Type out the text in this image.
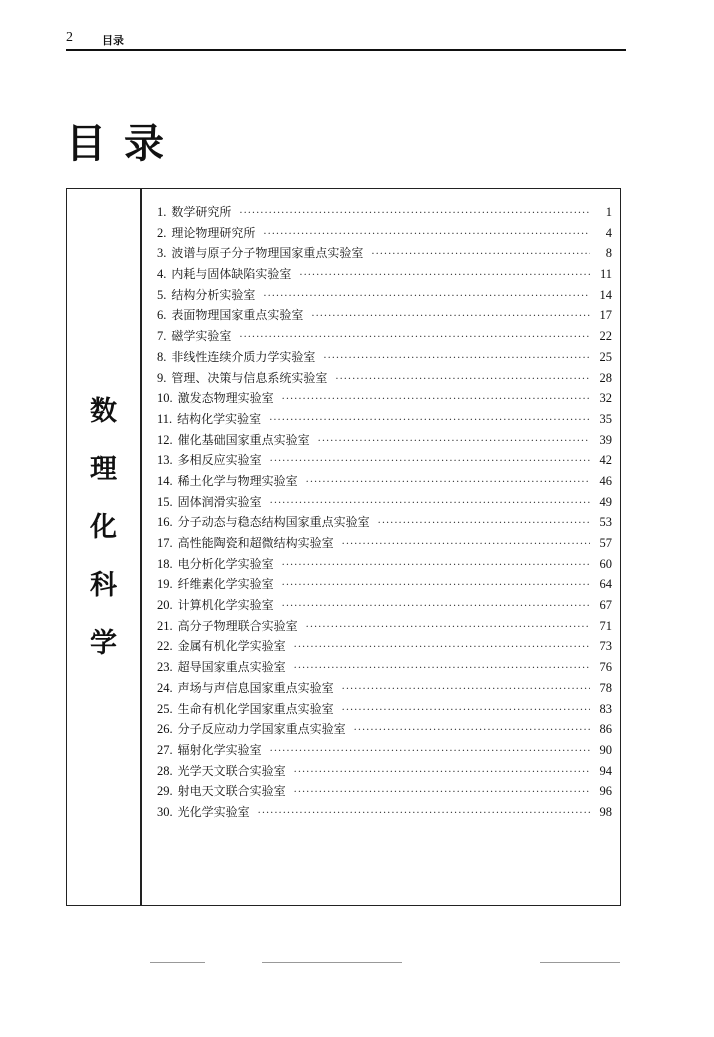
2	目录
目录
数
理
化
科
学
1. 数学研究所 ·····	1
2. 理论物理研究所 ·····	4
3. 波谱与原子分子物理国家重点实验室 ·····	8
4. 内耗与固体缺陷实验室 ·····	11
5. 结构分析实验室 ·····	14
6. 表面物理国家重点实验室 ·····	17
7. 磁学实验室 ·····	22
8. 非线性连续介质力学实验室 ·····	25
9. 管理、决策与信息系统实验室 ·····	28
10. 激发态物理实验室 ·····	32
11. 结构化学实验室 ·····	35
12. 催化基础国家重点实验室 ·····	39
13. 多相反应实验室 ·····	42
14. 稀土化学与物理实验室 ·····	46
15. 固体润滑实验室 ·····	49
16. 分子动态与稳态结构国家重点实验室 ·····	53
17. 高性能陶瓷和超微结构实验室 ·····	57
18. 电分析化学实验室 ·····	60
19. 纤维素化学实验室 ·····	64
20. 计算机化学实验室 ·····	67
21. 高分子物理联合实验室 ·····	71
22. 金属有机化学实验室 ·····	73
23. 超导国家重点实验室 ·····	76
24. 声场与声信息国家重点实验室 ·····	78
25. 生命有机化学国家重点实验室 ·····	83
26. 分子反应动力学国家重点实验室 ·····	86
27. 辐射化学实验室 ·····	90
28. 光学天文联合实验室 ·····	94
29. 射电天文联合实验室 ·····	96
30. 光化学实验室 ·····	98
